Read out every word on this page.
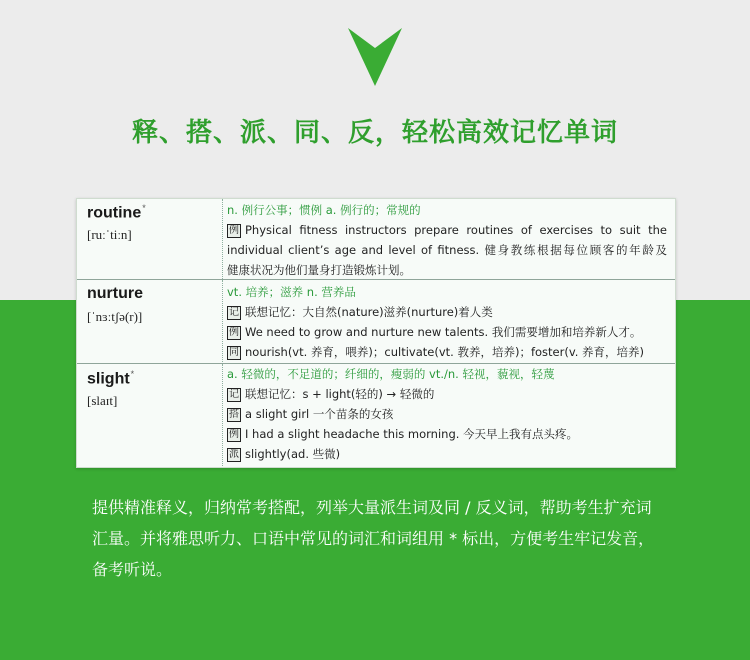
释、搭、派、同、反，轻松高效记忆单词
routine*
[ruːˈtiːn]
n. 例行公事；惯例 a. 例行的；常规的
例 Physical fitness instructors prepare routines of exercises to suit the
individual client’s age and level of fitness. 健身教练根据每位顾客的年龄及
健康状况为他们量身打造锻炼计划。
nurture
[ˈnɜːtʃə(r)]
vt. 培养；滋养 n. 营养品
记 联想记忆：大自然(nature)滋养(nurture)着人类
例 We need to grow and nurture new talents. 我们需要增加和培养新人才。
同 nourish(vt. 养育，喂养)；cultivate(vt. 教养，培养)；foster(v. 养育，培养)
slight*
[slaɪt]
a. 轻微的，不足道的；纤细的，瘦弱的 vt./n. 轻视，藐视，轻蔑
记 联想记忆：s + light(轻的) → 轻微的
搭 a slight girl 一个苗条的女孩
例 I had a slight headache this morning. 今天早上我有点头疼。
派 slightly(ad. 些微)
提供精准释义，归纳常考搭配，列举大量派生词及同 / 反义词，帮助考生扩充词汇量。并将雅思听力、口语中常见的词汇和词组用 * 标出，方便考生牢记发音，备考听说。
